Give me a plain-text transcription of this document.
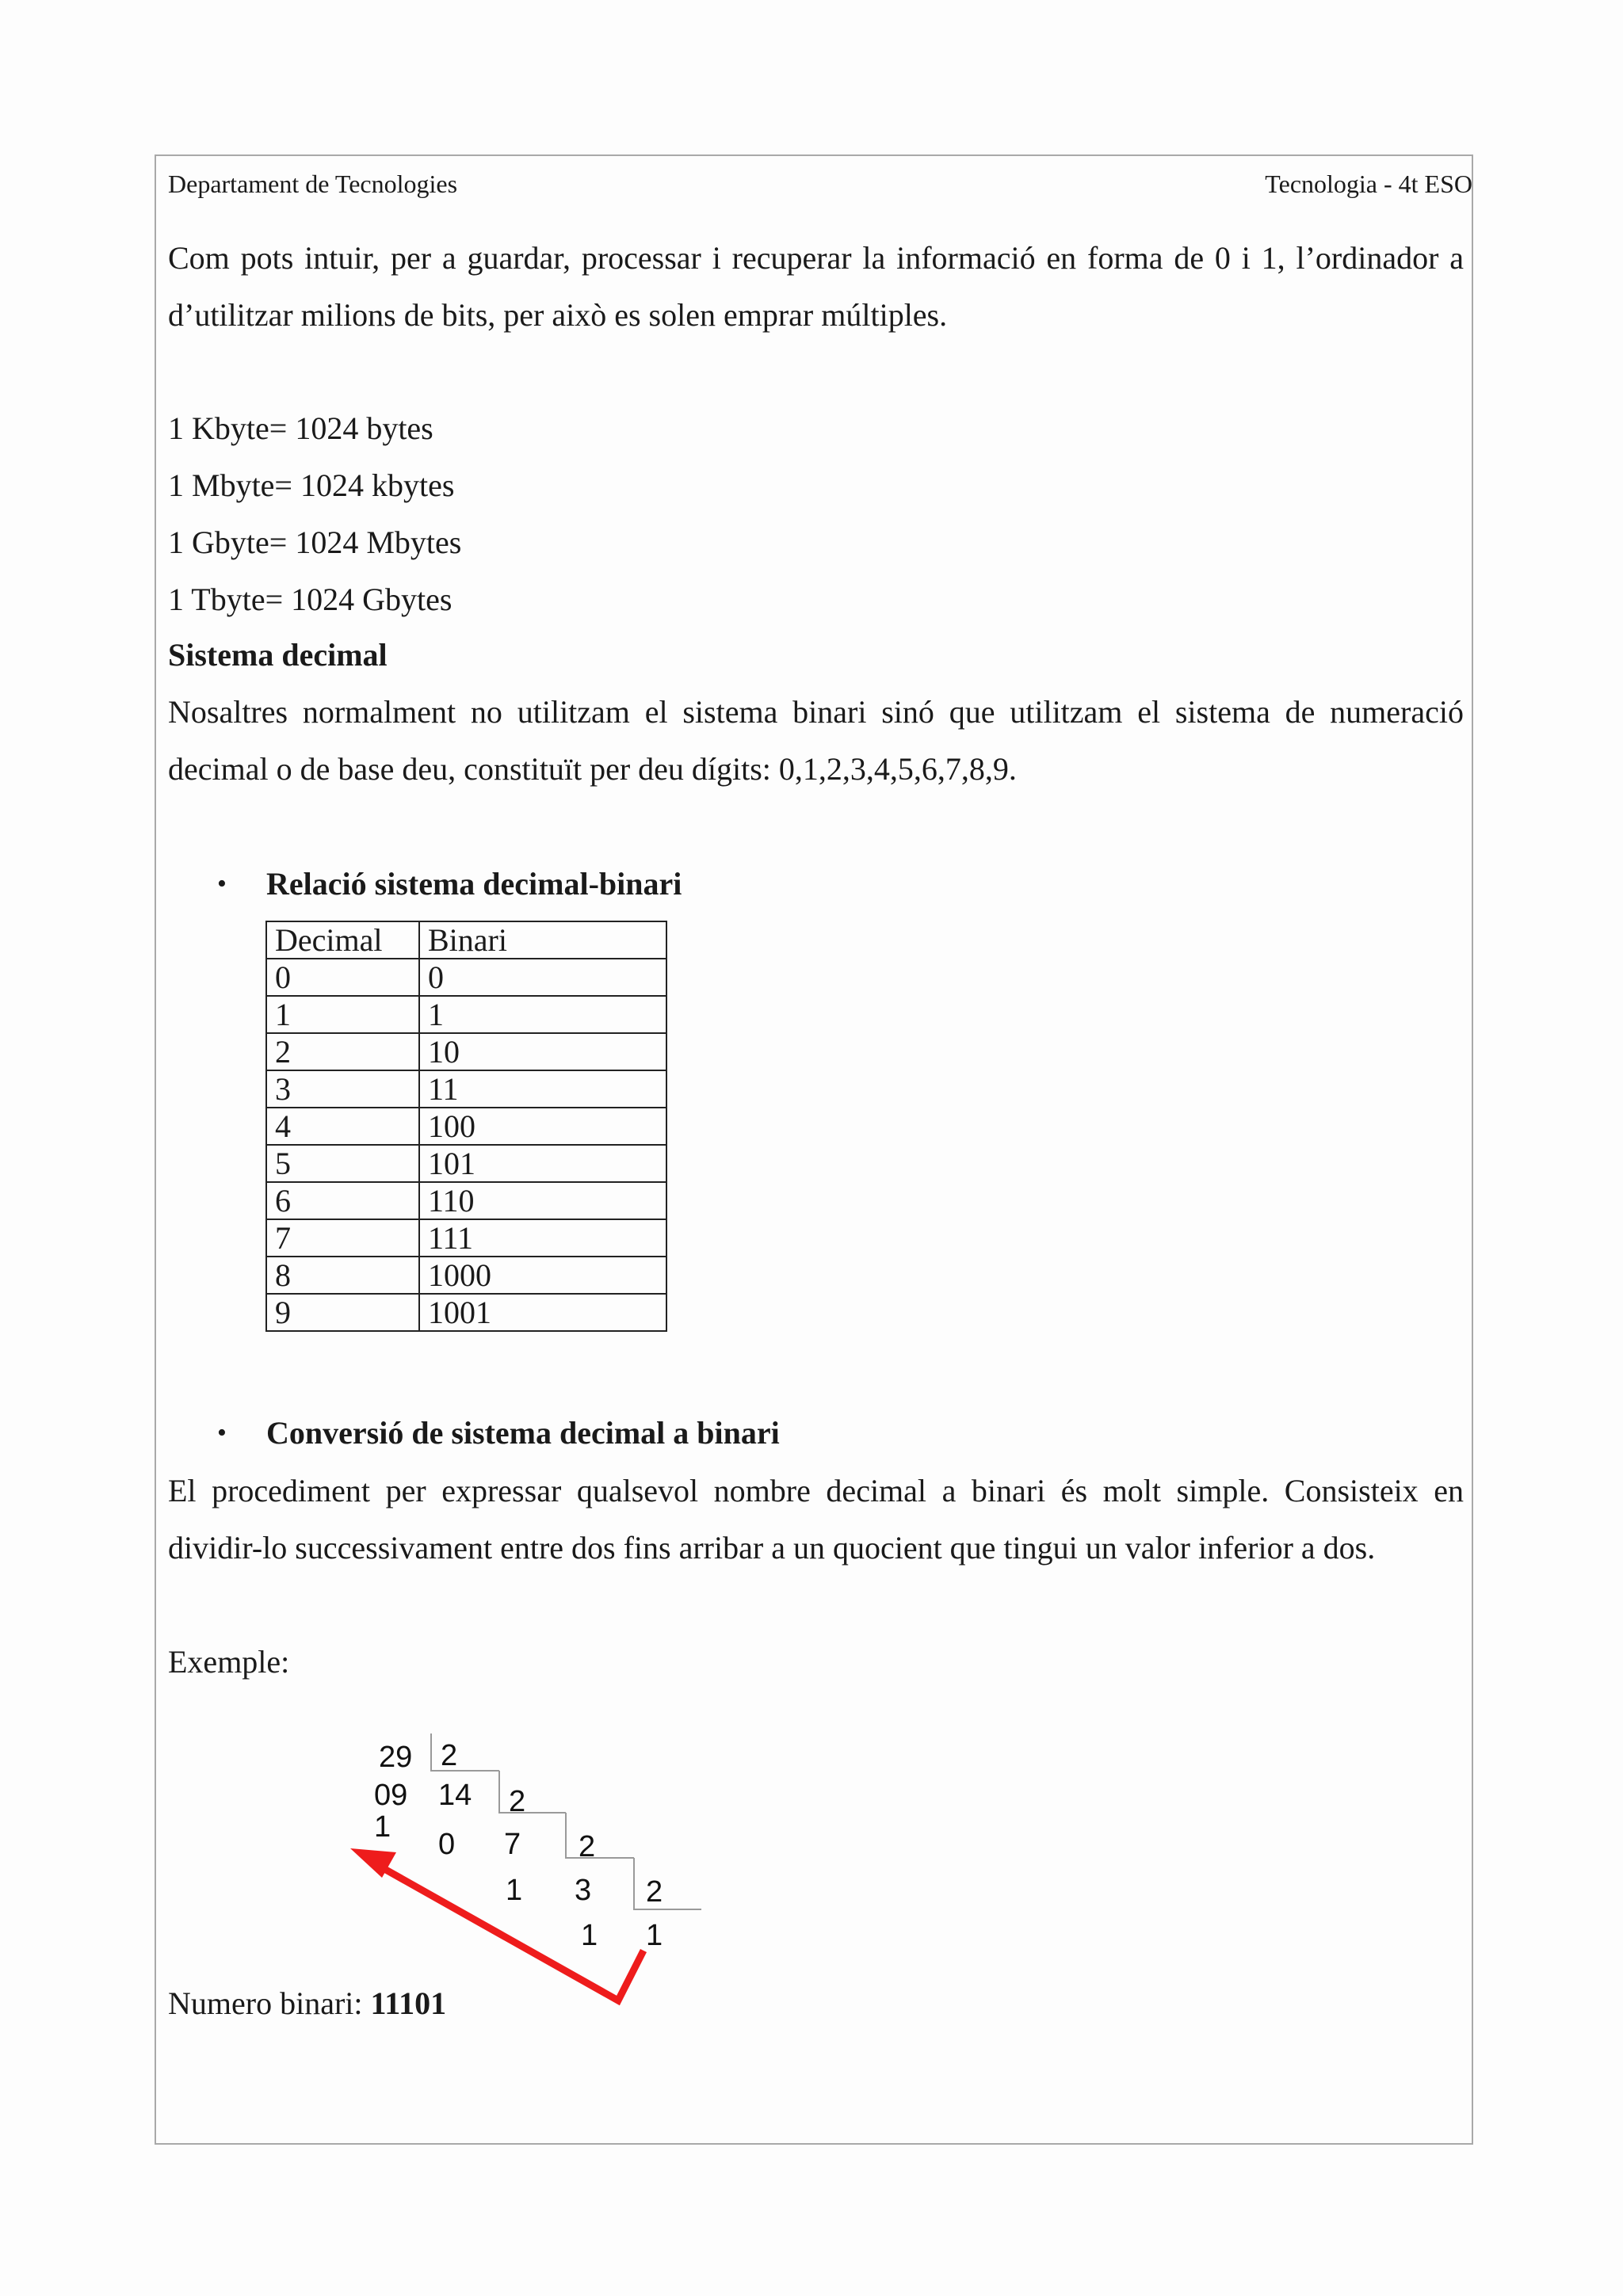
Departament de Tecnologies	Tecnologia - 4t ESO
Com pots intuir, per a guardar, processar i recuperar la informació en forma de 0 i 1, l’ordinador a
d’utilitzar milions de bits, per això es solen emprar múltiples.
1 Kbyte= 1024 bytes
1 Mbyte= 1024 kbytes
1 Gbyte= 1024 Mbytes
1 Tbyte= 1024 Gbytes
Sistema decimal
Nosaltres normalment no utilitzam el sistema binari sinó que utilitzam el sistema de numeració
decimal o de base deu, constituït per deu dígits: 0,1,2,3,4,5,6,7,8,9.
• Relació sistema decimal-binari
• Conversió de sistema decimal a binari
El procediment per expressar qualsevol nombre decimal a binari és molt simple. Consisteix en
dividir-lo successivament entre dos fins arribar a un quocient que tingui un valor inferior a dos.
Exemple:
Numero binari: 11101
Decimal	Binari
0	0
1	1
2	10
3	11
4	100
5	101
6	110
7	111
8	1000
9	1001
29 2
09 14 2
1
0 7 2
1 3 2
1 1
